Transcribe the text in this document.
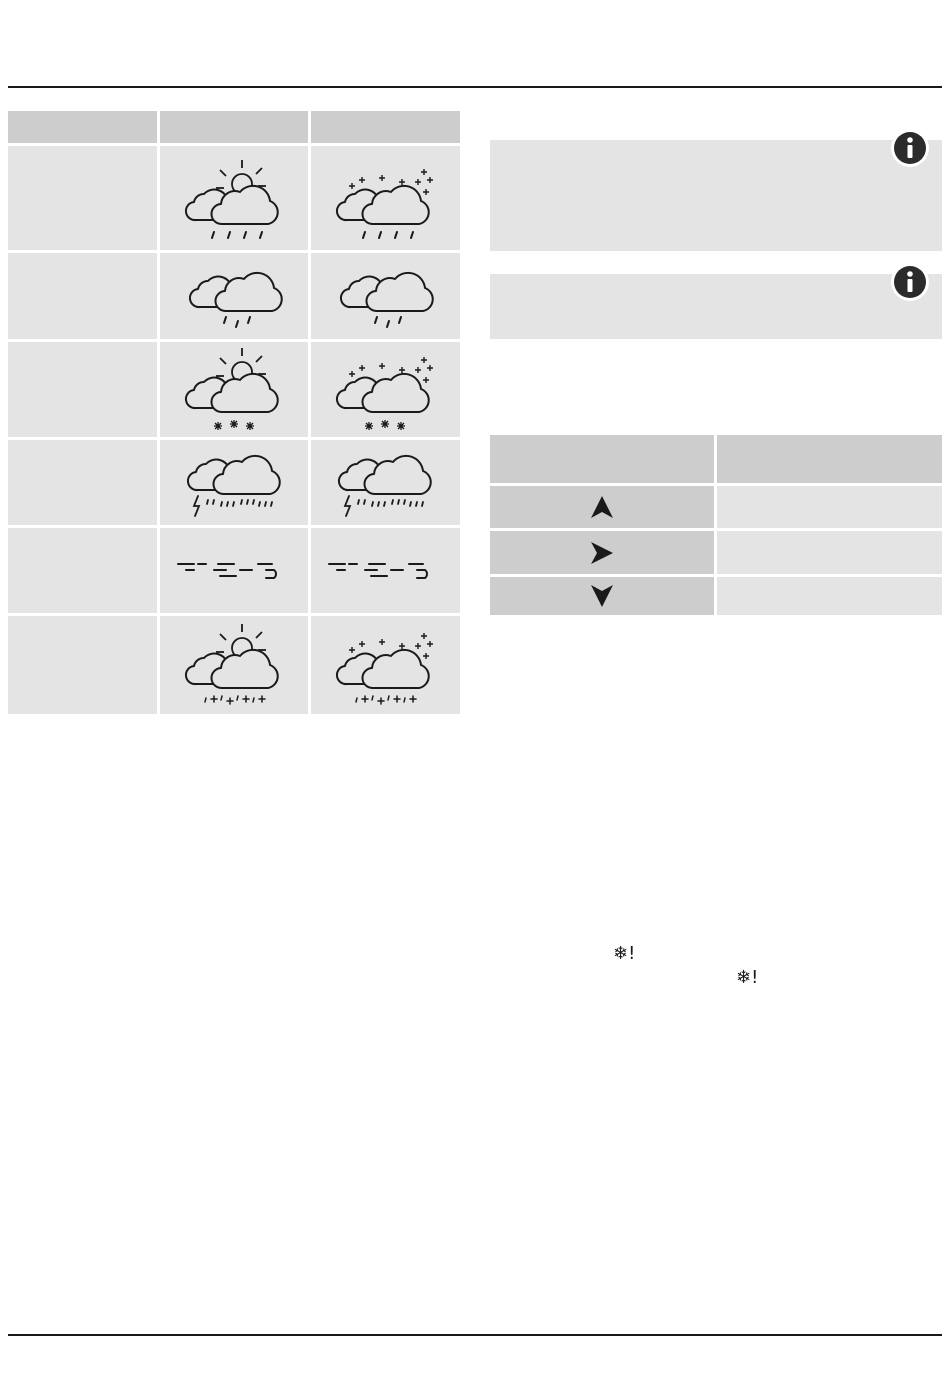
❄!
❄!
